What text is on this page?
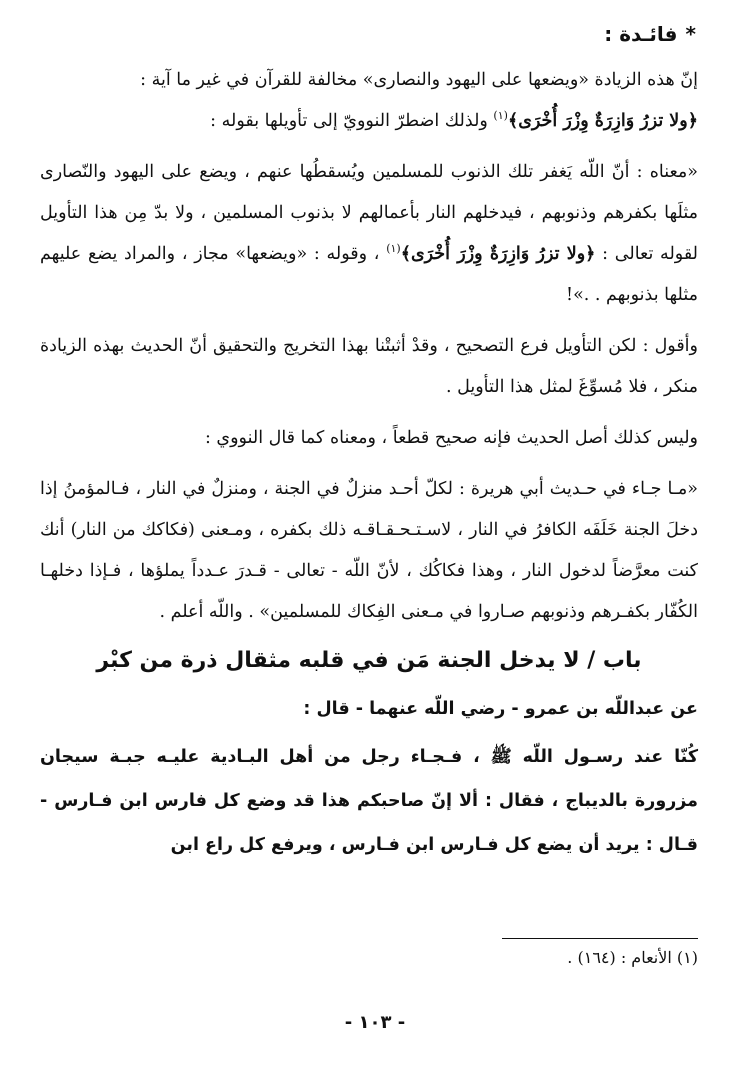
*
فائـدة :

إنّ هذه الزيادة «ويضعها على اليهود والنصارى» مخالفة للقرآن في غير ما آية :
﴿ولا تزرُ وَازِرَةٌ وِزْرَ أُخْرَى﴾$^{(١)}$ ولذلك اضطرّ النوويّ إلى تأويلها بقوله :

«معناه : أنّ اللّه يَغفر تلك الذنوب للمسلمين ويُسقطُها عنهم ، ويضع على اليهود والنّصارى مثلَها بكفرهم وذنوبهم ، فيدخلهم النار بأعمالهم لا بذنوب المسلمين ، ولا بدّ مِن هذا التأويل لقوله تعالى : ﴿ولا تزرُ وَازِرَةٌ وِزْرَ أُخْرَى﴾$^{(١)}$ ، وقوله : «ويضعها» مجاز ، والمراد يضع عليهم مثلها بذنوبهم . .»!

وأقول : لكن التأويل فرع التصحيح ، وقدْ أثبتْنا بهذا التخريج والتحقيق أنّ الحديث بهذه الزيادة منكر ، فلا مُسوِّغَ لمثل هذا التأويل .

وليس كذلك أصل الحديث فإنه صحيح قطعاً ، ومعناه كما قال النووي :

«مـا جـاء في حـديث أبي هريرة : لكلّ أحـد منزلٌ في الجنة ، ومنزلٌ في النار ، فـالمؤمنُ إذا دخلَ الجنة خَلَفَه الكافرُ في النار ، لاسـتـحـقـاقـه ذلك بكفره ، ومـعنى (فكاكك من النار) أنك كنت معرَّضاً لدخول النار ، وهذا فكاكُك ، لأنّ اللّه - تعالى - قـدرَ عـدداً يملؤها ، فـإذا دخلهـا الكُفّار بكفـرهم وذنوبهم صـاروا في مـعنى الفِكاك للمسلمين» . واللّه أعلم .

باب / لا يدخل الجنة مَن في قلبه مثقال ذرة من كبْر
عن عبداللّه بن عمرو - رضي اللّه عنهما - قال :
كُنّا عند رسـول اللّه ﷺ ، فـجـاء رجل من أهل البـادية عليـه جبـة سيجان مزرورة بالديباج ، فقال : ألا إنّ صاحبكم هذا قد وضع كل فارس ابن فـارس - قـال : يريد أن يضع كل فـارس ابن فـارس ، ويرفع كل راع ابن
(١) الأنعام : (١٦٤) .
- ١٠٣ -
